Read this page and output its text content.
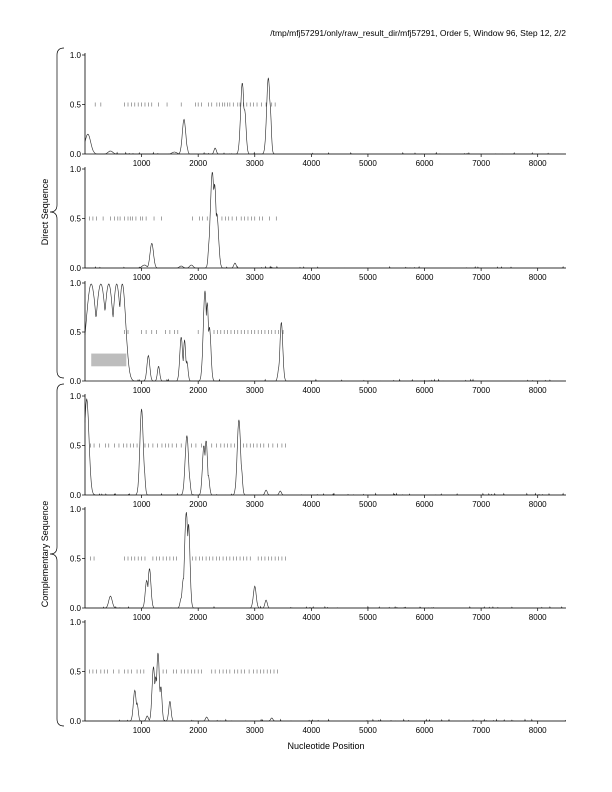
/tmp/mfj57291/only/raw_result_dir/mfj57291, Order 5, Window 96, Step 12, 2/2
0.0
0.5
1.0
1000	2000	3000	4000	5000	6000	7000	8000
0.0
0.5
1.0
1000	2000	3000	4000	5000	6000	7000	8000
0.0
0.5
1.0
1000	2000	3000	4000	5000	6000	7000	8000
0.0
0.5
1.0
1000	2000	3000	4000	5000	6000	7000	8000
0.0
0.5
1.0
1000	2000	3000	4000	5000	6000	7000	8000
0.0
0.5
1.0
1000	2000	3000	4000	5000	6000	7000	8000
Direct Sequence
Complementary Sequence
Nucleotide Position
